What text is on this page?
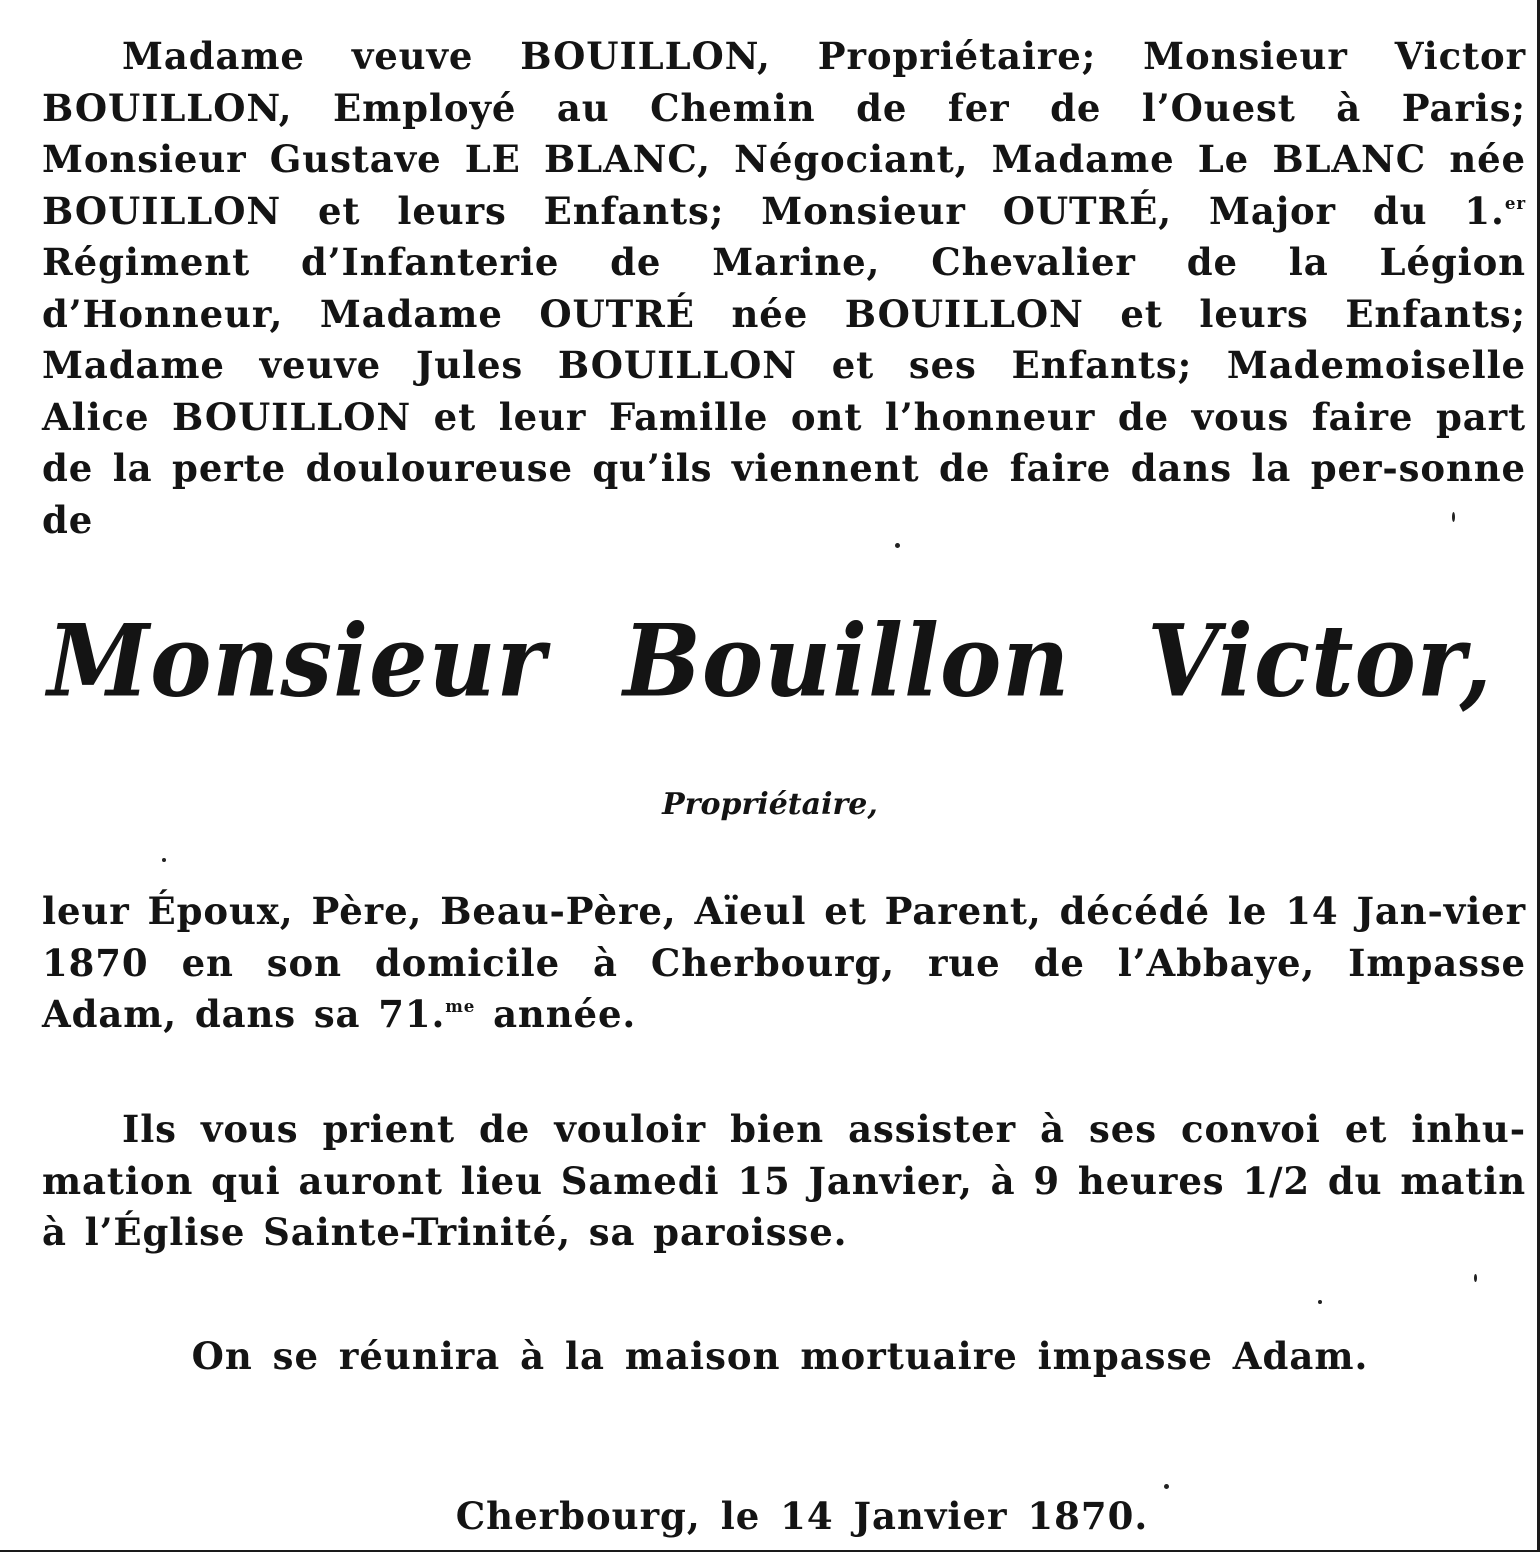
Madame veuve BOUILLON, Propriétaire; Monsieur Victor BOUILLON, Employé au Chemin de fer de l’Ouest à Paris; Monsieur Gustave LE BLANC, Négociant, Madame Le BLANC née BOUILLON et leurs Enfants; Monsieur OUTRÉ, Major du 1.$^{er}$ Régiment d’Infanterie de Marine, Chevalier de la Légion d’Honneur, Madame OUTRÉ née BOUILLON et leurs Enfants; Madame veuve Jules BOUILLON et ses Enfants; Mademoiselle Alice BOUILLON et leur Famille ont l’honneur de vous faire part de la perte douloureuse qu’ils viennent de faire dans la per-sonne de

Monsieur Bouillon Victor,
Propriétaire,

leur Époux, Père, Beau-Père, Aïeul et Parent, décédé le 14 Jan-vier 1870 en son domicile à Cherbourg, rue de l’Abbaye, Impasse Adam, dans sa 71.$^{me}$ année.

Ils vous prient de vouloir bien assister à ses convoi et inhu-mation qui auront lieu Samedi 15 Janvier, à 9 heures 1/2 du matin à l’Église Sainte-Trinité, sa paroisse.

On se réunira à la maison mortuaire impasse Adam.

Cherbourg, le 14 Janvier 1870.
